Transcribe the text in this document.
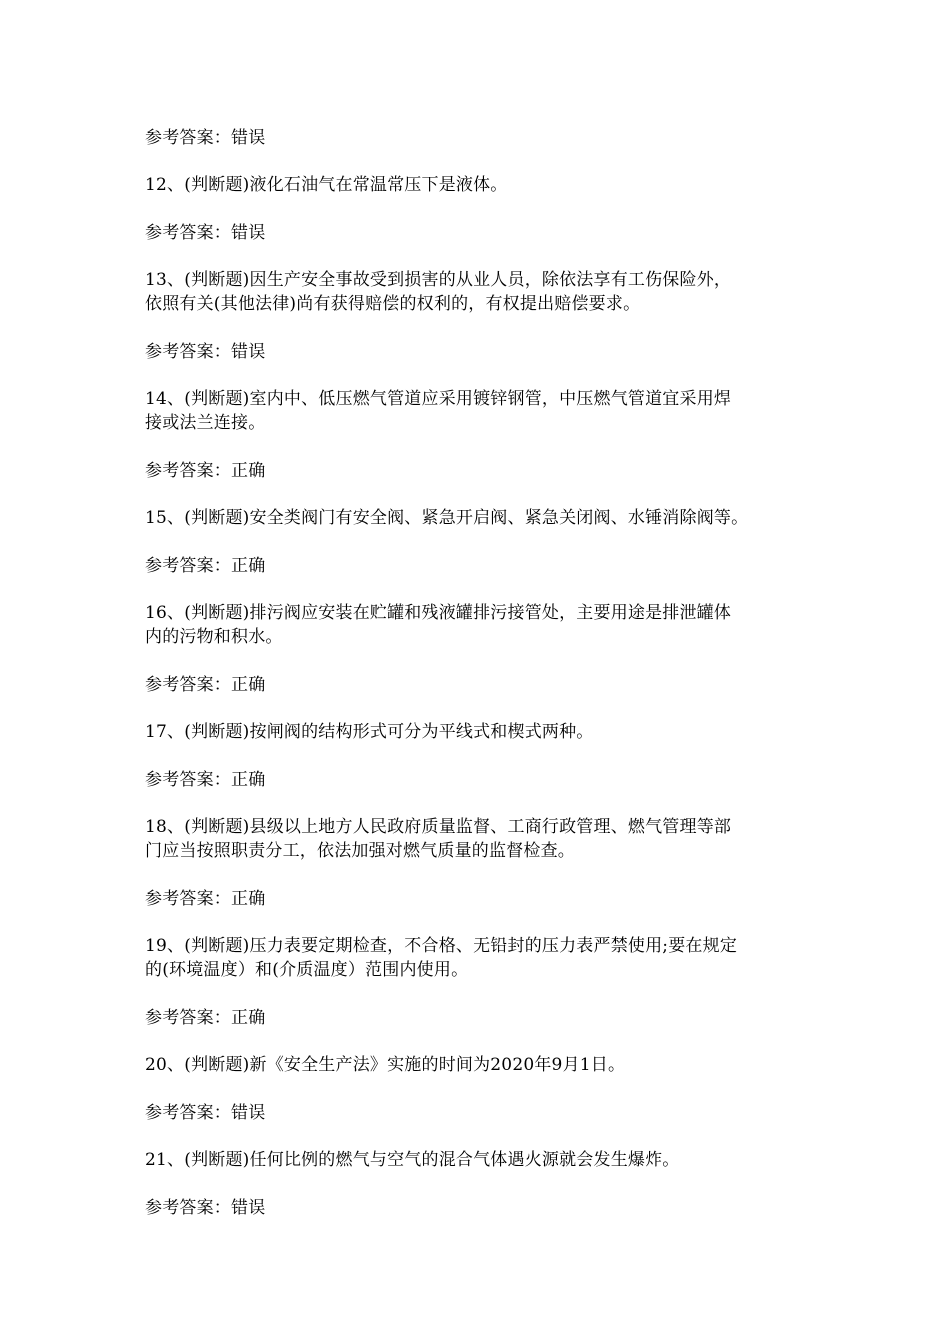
参考答案：错误
12、(判断题)液化石油气在常温常压下是液体。
参考答案：错误
13、(判断题)因生产安全事故受到损害的从业人员，除依法享有工伤保险外，
依照有关(其他法律)尚有获得赔偿的权利的，有权提出赔偿要求。
参考答案：错误
14、(判断题)室内中、低压燃气管道应采用镀锌钢管，中压燃气管道宜采用焊
接或法兰连接。
参考答案：正确
15、(判断题)安全类阀门有安全阀、紧急开启阀、紧急关闭阀、水锤消除阀等。
参考答案：正确
16、(判断题)排污阀应安装在贮罐和残液罐排污接管处，主要用途是排泄罐体
内的污物和积水。
参考答案：正确
17、(判断题)按闸阀的结构形式可分为平线式和楔式两种。
参考答案：正确
18、(判断题)县级以上地方人民政府质量监督、工商行政管理、燃气管理等部
门应当按照职责分工，依法加强对燃气质量的监督检查。
参考答案：正确
19、(判断题)压力表要定期检查，不合格、无铅封的压力表严禁使用;要在规定
的(环境温度）和(介质温度）范围内使用。
参考答案：正确
20、(判断题)新《安全生产法》实施的时间为2020年9月1日。
参考答案：错误
21、(判断题)任何比例的燃气与空气的混合气体遇火源就会发生爆炸。
参考答案：错误
